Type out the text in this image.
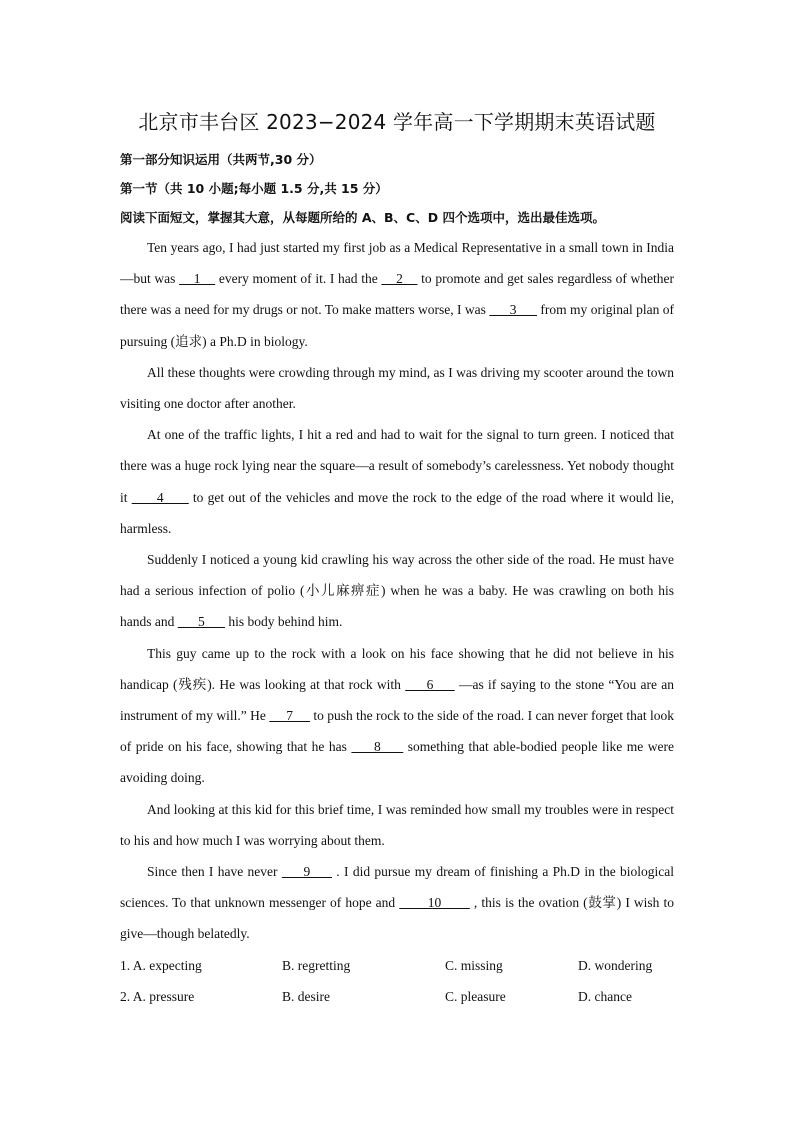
北京市丰台区 2023−2024 学年高一下学期期末英语试题
第一部分知识运用（共两节,30 分）
第一节（共 10 小题;每小题 1.5 分,共 15 分）
阅读下面短文，掌握其大意，从每题所给的 A、B、C、D 四个选项中，选出最佳选项。

Ten years ago, I had just started my first job as a Medical Representative in a small town in India—but was     1     every moment of it. I had the     2     to promote and get sales regardless of whether there was a need for my drugs or not. To make matters worse, I was       3       from my original plan of pursuing (追求) a Ph.D in biology.

All these thoughts were crowding through my mind, as I was driving my scooter around the town visiting one doctor after another.

At one of the traffic lights, I hit a red and had to wait for the signal to turn green. I noticed that there was a huge rock lying near the square—a result of somebody’s carelessness. Yet nobody thought it       4       to get out of the vehicles and move the rock to the edge of the road where it would lie, harmless.

Suddenly I noticed a young kid crawling his way across the other side of the road. He must have had a serious infection of polio (小儿麻痹症) when he was a baby. He was crawling on both his hands and       5       his body behind him.

This guy came up to the rock with a look on his face showing that he did not believe in his handicap (残疾). He was looking at that rock with      6      —as if saying to the stone “You are an instrument of my will.” He      7      to push the rock to the side of the road. I can never forget that look of pride on his face, showing that he has      8      something that able-bodied people like me were avoiding doing.

And looking at this kid for this brief time, I was reminded how small my troubles were in respect to his and how much I was worrying about them.

Since then I have never      9      . I did pursue my dream of finishing a Ph.D in the biological sciences. To that unknown messenger of hope and        10        , this is the ovation (鼓掌) I wish to give—though belatedly.

1. A. expecting	B. regretting	C. missing	D. wondering
2. A. pressure	B. desire	C. pleasure	D. chance
